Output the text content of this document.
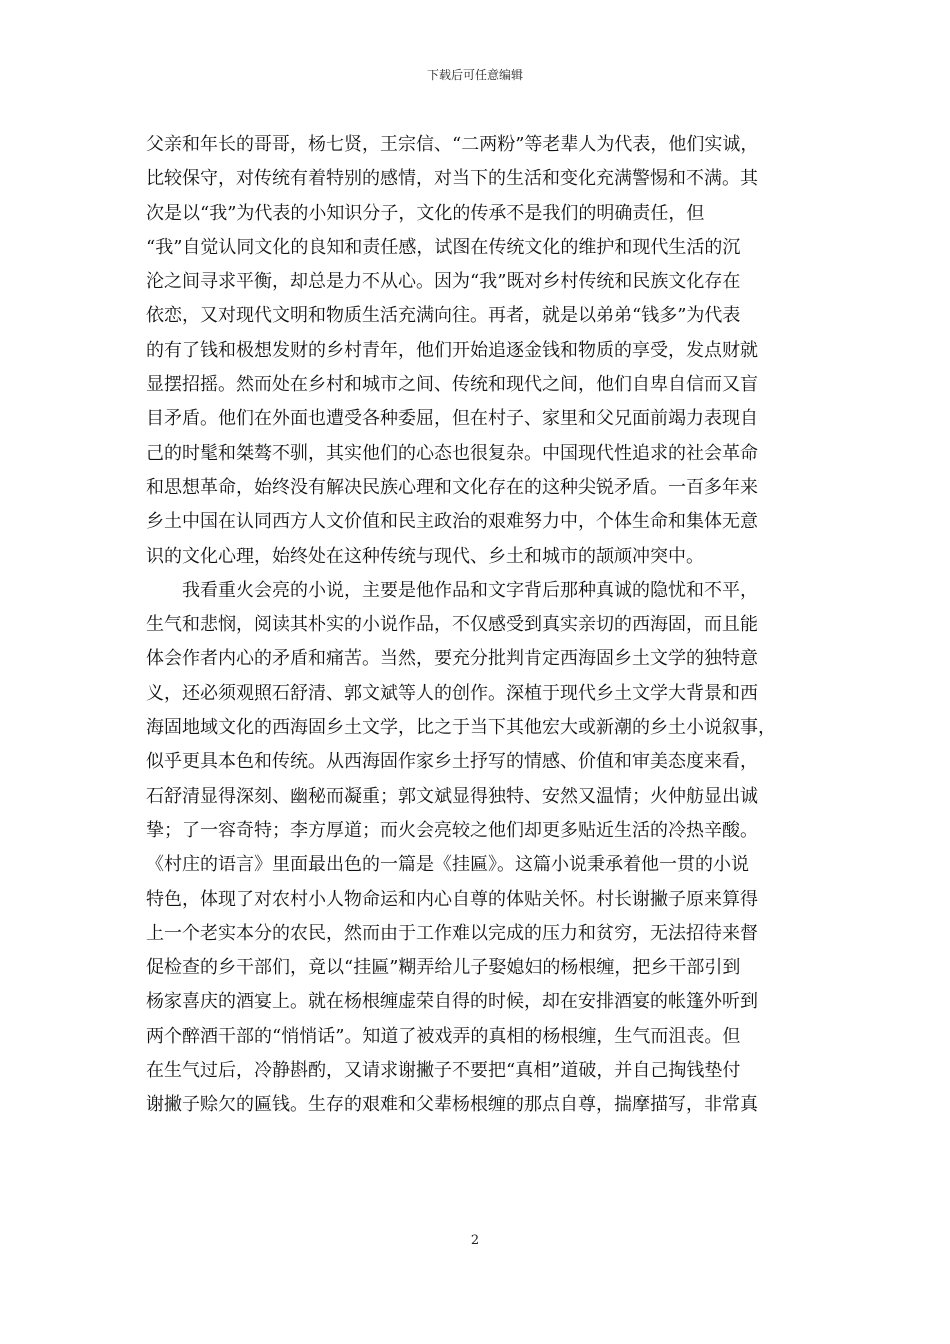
下载后可任意编辑
父亲和年长的哥哥，杨七贤，王宗信、“二两粉”等老辈人为代表，他们实诚，
比较保守，对传统有着特别的感情，对当下的生活和变化充满警惕和不满。其
次是以“我”为代表的小知识分子，文化的传承不是我们的明确责任，但
“我”自觉认同文化的良知和责任感，试图在传统文化的维护和现代生活的沉
沦之间寻求平衡，却总是力不从心。因为“我”既对乡村传统和民族文化存在
依恋，又对现代文明和物质生活充满向往。再者，就是以弟弟“钱多”为代表
的有了钱和极想发财的乡村青年，他们开始追逐金钱和物质的享受，发点财就
显摆招摇。然而处在乡村和城市之间、传统和现代之间，他们自卑自信而又盲
目矛盾。他们在外面也遭受各种委屈，但在村子、家里和父兄面前竭力表现自
己的时髦和桀骜不驯，其实他们的心态也很复杂。中国现代性追求的社会革命
和思想革命，始终没有解决民族心理和文化存在的这种尖锐矛盾。一百多年来
乡土中国在认同西方人文价值和民主政治的艰难努力中，个体生命和集体无意
识的文化心理，始终处在这种传统与现代、乡土和城市的颉颃冲突中。
我看重火会亮的小说，主要是他作品和文字背后那种真诚的隐忧和不平，
生气和悲悯，阅读其朴实的小说作品，不仅感受到真实亲切的西海固，而且能
体会作者内心的矛盾和痛苦。当然，要充分批判肯定西海固乡土文学的独特意
义，还必须观照石舒清、郭文斌等人的创作。深植于现代乡土文学大背景和西
海固地域文化的西海固乡土文学，比之于当下其他宏大或新潮的乡土小说叙事，
似乎更具本色和传统。从西海固作家乡土抒写的情感、价值和审美态度来看，
石舒清显得深刻、幽秘而凝重；郭文斌显得独特、安然又温情；火仲舫显出诚
挚；了一容奇特；李方厚道；而火会亮较之他们却更多贴近生活的冷热辛酸。
《村庄的语言》里面最出色的一篇是《挂匾》。这篇小说秉承着他一贯的小说
特色，体现了对农村小人物命运和内心自尊的体贴关怀。村长谢撇子原来算得
上一个老实本分的农民，然而由于工作难以完成的压力和贫穷，无法招待来督
促检查的乡干部们，竟以“挂匾”糊弄给儿子娶媳妇的杨根缠，把乡干部引到
杨家喜庆的酒宴上。就在杨根缠虚荣自得的时候，却在安排酒宴的帐篷外听到
两个醉酒干部的“悄悄话”。知道了被戏弄的真相的杨根缠，生气而沮丧。但
在生气过后，冷静斟酌，又请求谢撇子不要把“真相”道破，并自己掏钱垫付
谢撇子赊欠的匾钱。生存的艰难和父辈杨根缠的那点自尊，揣摩描写，非常真
2
